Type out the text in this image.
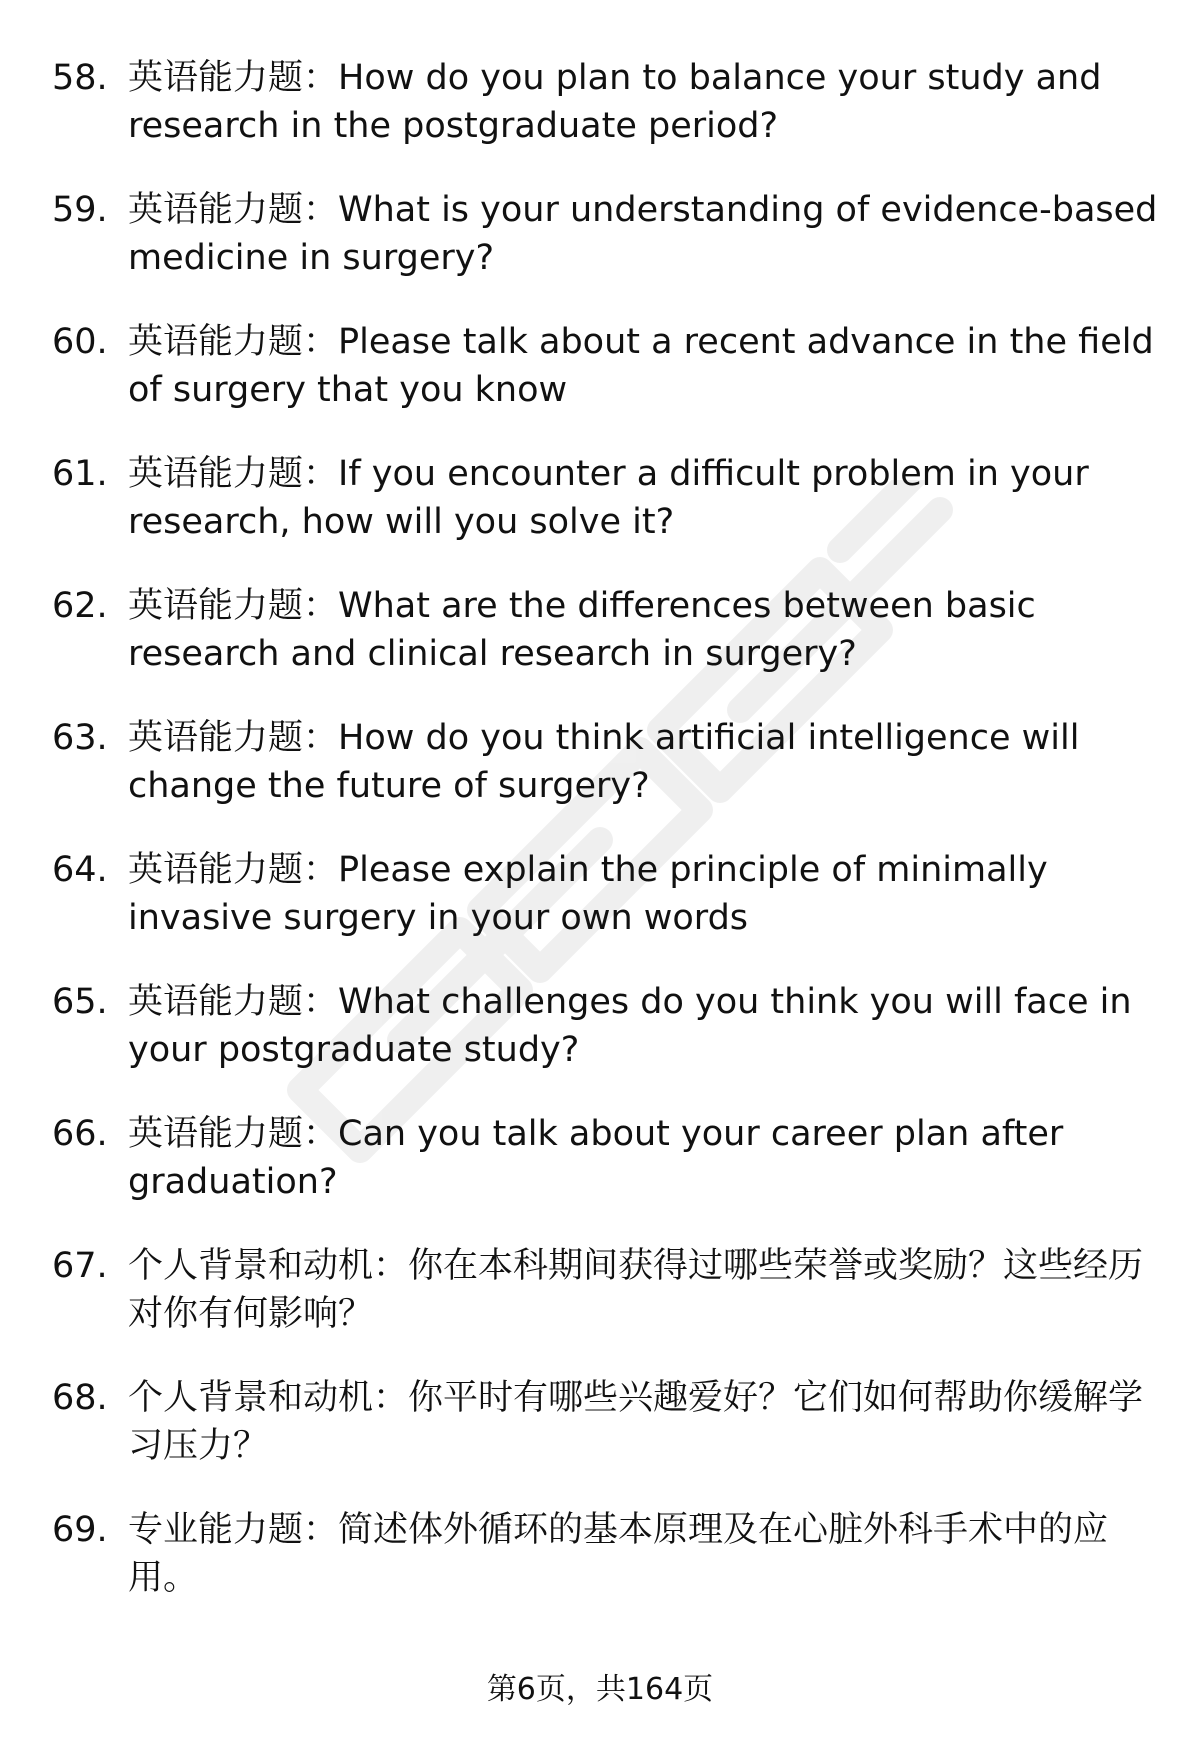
58. 英语能力题：How do you plan to balance your study and research in the postgraduate period?
59. 英语能力题：What is your understanding of evidence-based medicine in surgery?
60. 英语能力题：Please talk about a recent advance in the field of surgery that you know
61. 英语能力题：If you encounter a difficult problem in your research, how will you solve it?
62. 英语能力题：What are the differences between basic research and clinical research in surgery?
63. 英语能力题：How do you think artificial intelligence will change the future of surgery?
64. 英语能力题：Please explain the principle of minimally invasive surgery in your own words
65. 英语能力题：What challenges do you think you will face in your postgraduate study?
66. 英语能力题：Can you talk about your career plan after graduation?
67. 个人背景和动机：你在本科期间获得过哪些荣誉或奖励？这些经历对你有何影响？
68. 个人背景和动机：你平时有哪些兴趣爱好？它们如何帮助你缓解学习压力？
69. 专业能力题：简述体外循环的基本原理及在心脏外科手术中的应用。
第6页，共164页
